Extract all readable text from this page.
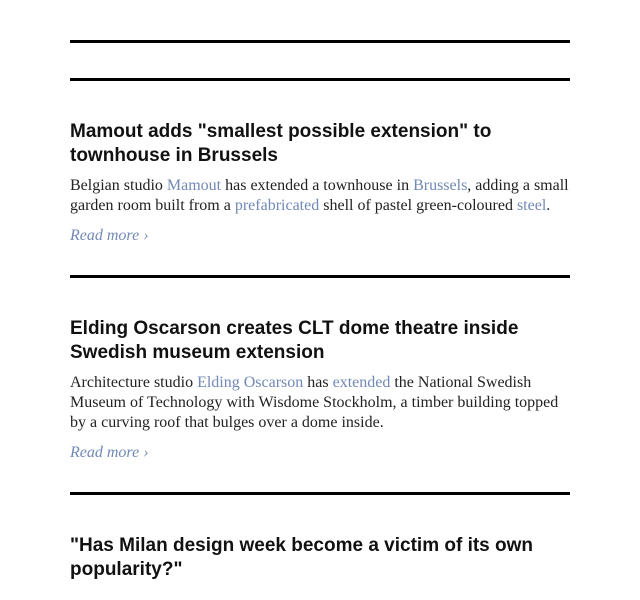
Mamout adds "smallest possible extension" to townhouse in Brussels

Belgian studio Mamout has extended a townhouse in Brussels, adding a small garden room built from a prefabricated shell of pastel green-coloured steel.

Read more ›
Elding Oscarson creates CLT dome theatre inside Swedish museum extension

Architecture studio Elding Oscarson has extended the National Swedish Museum of Technology with Wisdome Stockholm, a timber building topped by a curving roof that bulges over a dome inside.

Read more ›
"Has Milan design week become a victim of its own popularity?"
